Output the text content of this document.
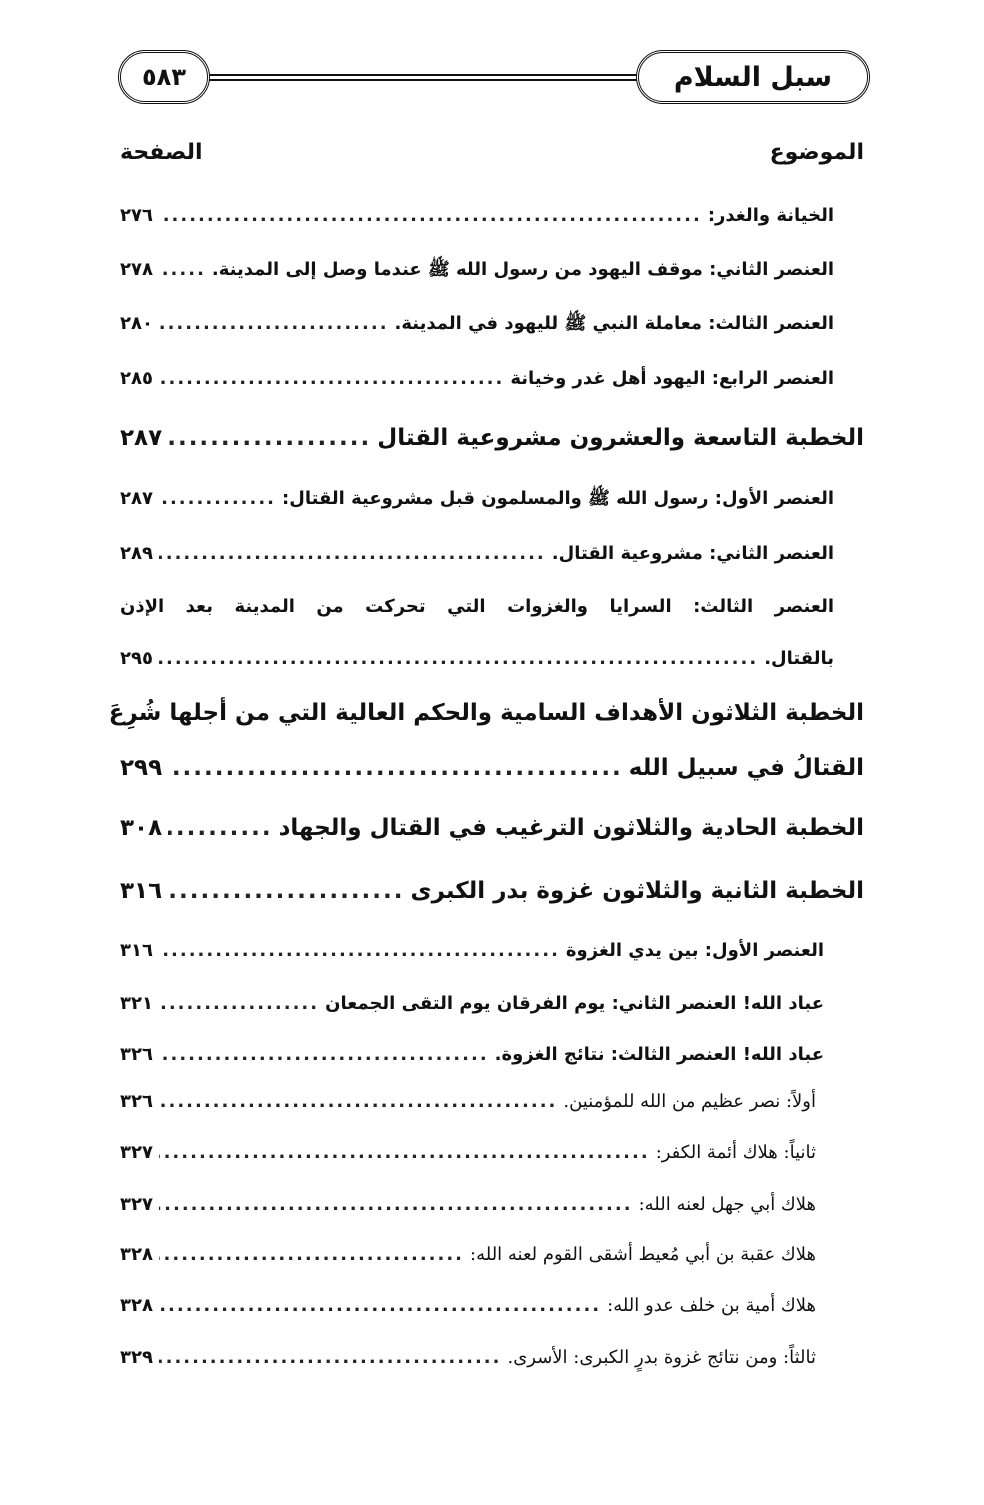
٥٨٣	سبل السلام
الموضوع
الصفحة
الخيانة والغدر:
.....
٢٧٦
العنصر الثاني: موقف اليهود من رسول الله ﷺ عندما وصل إلى المدينة.
.....
٢٧٨
العنصر الثالث: معاملة النبي ﷺ لليهود في المدينة.
.....
٢٨٠
العنصر الرابع: اليهود أهل غدر وخيانة
.....
٢٨٥
الخطبة التاسعة والعشرون مشروعية القتال
.....
٢٨٧
العنصر الأول: رسول الله ﷺ والمسلمون قبل مشروعية القتال:
.....
٢٨٧
العنصر الثاني: مشروعية القتال.
.....
٢٨٩
العنصر الثالث: السرايا والغزوات التي تحركت من المدينة بعد الإذن
بالقتال.
.....
٢٩٥
الخطبة الثلاثون الأهداف السامية والحكم العالية التي من أجلها شُرِعَ
القتالُ في سبيل الله
.....
٢٩٩
الخطبة الحادية والثلاثون الترغيب في القتال والجهاد
.....
٣٠٨
الخطبة الثانية والثلاثون غزوة بدر الكبرى
.....
٣١٦
العنصر الأول: بين يدي الغزوة
.....
٣١٦
عباد الله! العنصر الثاني: يوم الفرقان يوم التقى الجمعان
.....
٣٢١
عباد الله! العنصر الثالث: نتائج الغزوة.
.....
٣٢٦
أولاً: نصر عظيم من الله للمؤمنين.
.....
٣٢٦
ثانياً: هلاك أئمة الكفر:
.....
٣٢٧
هلاك أبي جهل لعنه الله:
.....
٣٢٧
هلاك عقبة بن أبي مُعيط أشقى القوم لعنه الله:
.....
٣٢٨
هلاك أمية بن خلف عدو الله:
.....
٣٢٨
ثالثاً: ومن نتائج غزوة بدرٍ الكبرى: الأسرى.
.....
٣٢٩
